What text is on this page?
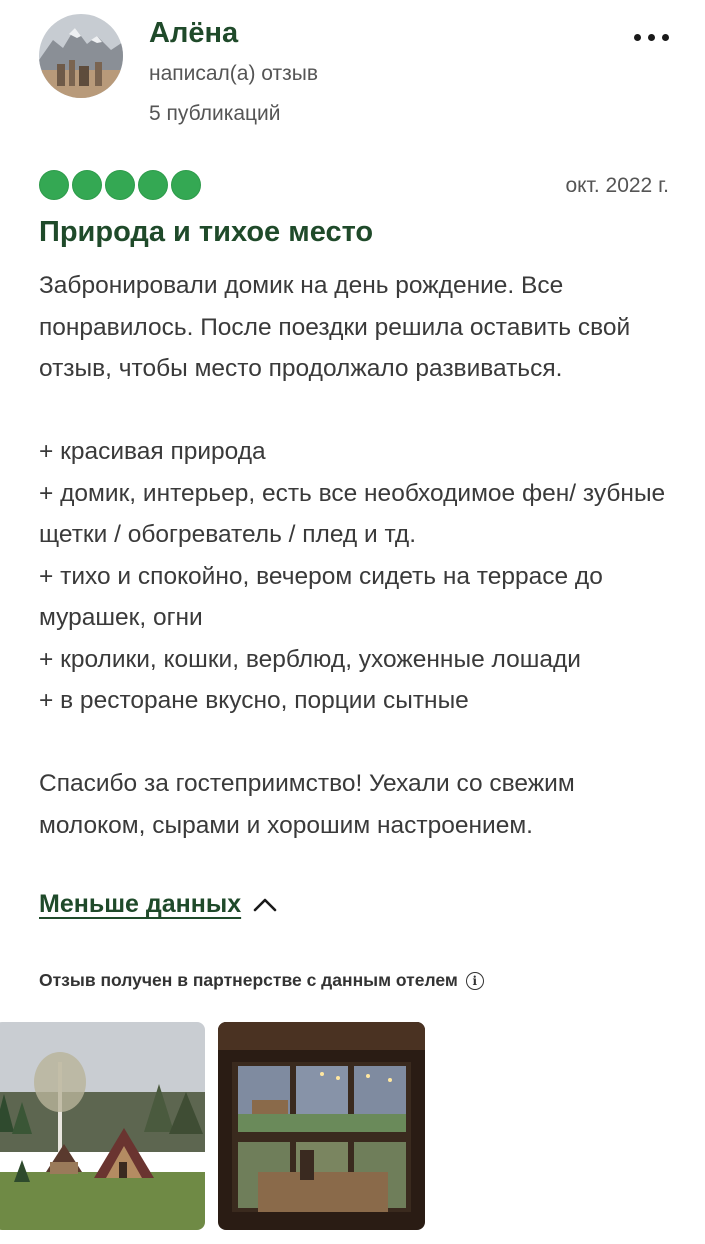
Алёна
написал(а) отзыв
5 публикаций
окт. 2022 г.
Природа и тихое место

Забронировали домик на день рождение. Все понравилось. После поездки решила оставить свой отзыв, чтобы место продолжало развиваться.

+ красивая природа

+ домик, интерьер, есть все необходимое фен/ зубные щетки / обогреватель / плед и тд.

+ тихо и спокойно, вечером сидеть на террасе до мурашек, огни

+ кролики, кошки, верблюд, ухоженные лошади

+ в ресторане вкусно, порции сытные

Спасибо за гостеприимство! Уехали со свежим молоком, сырами и хорошим настроением.

Меньше данных
Отзыв получен в партнерстве с данным отелем	i
